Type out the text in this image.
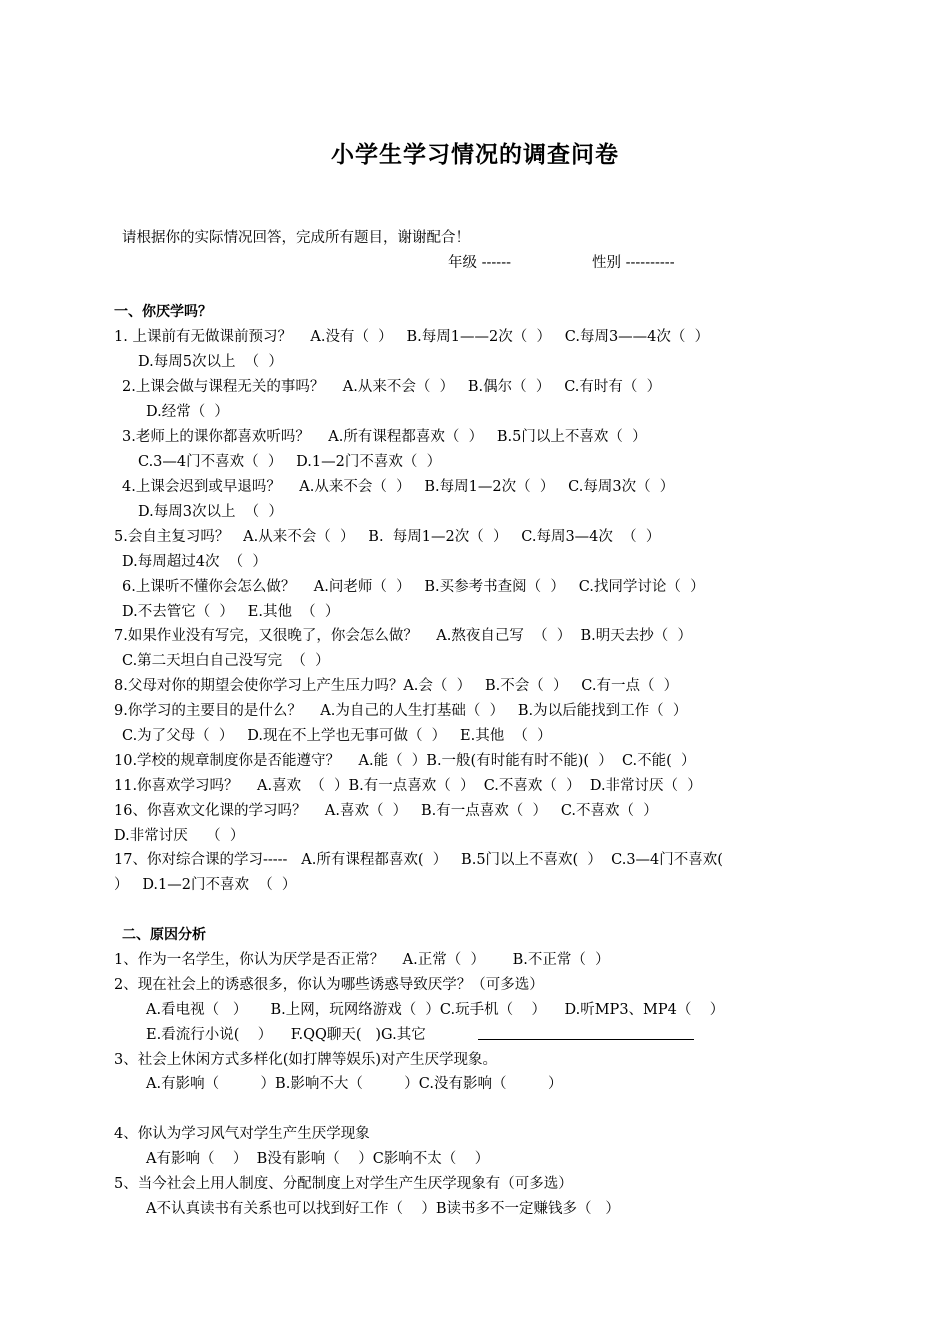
小学生学习情况的调查问卷
请根据你的实际情况回答，完成所有题目，谢谢配合！
年级 ------	性别 ----------
一、你厌学吗？
1. 上课前有无做课前预习？    A.没有（  ）   B.每周1——2次（  ）   C.每周3——4次（  ）
D.每周5次以上  （  ）
2.上课会做与课程无关的事吗？    A.从来不会（  ）   B.偶尔（  ）   C.有时有（  ）
D.经常（  ）
3.老师上的课你都喜欢听吗？    A.所有课程都喜欢（  ）   B.5门以上不喜欢（  ）
C.3—4门不喜欢（  ）   D.1—2门不喜欢（  ）
4.上课会迟到或早退吗？    A.从来不会（  ）   B.每周1—2次（  ）   C.每周3次（  ）
D.每周3次以上  （  ）
5.会自主复习吗？   A.从来不会（  ）   B.  每周1—2次（  ）   C.每周3—4次  （  ）
D.每周超过4次  （  ）
6.上课听不懂你会怎么做？    A.问老师（  ）   B.买参考书查阅（  ）   C.找同学讨论（  ）
D.不去管它（  ）   E.其他  （  ）
7.如果作业没有写完，又很晚了，你会怎么做？    A.熬夜自己写  （  ）  B.明天去抄（  ）
C.第二天坦白自己没写完  （  ）
8.父母对你的期望会使你学习上产生压力吗？A.会（  ）   B.不会（  ）   C.有一点（  ）
9.你学习的主要目的是什么？    A.为自己的人生打基础（  ）   B.为以后能找到工作（  ）
C.为了父母（  ）   D.现在不上学也无事可做（  ）   E.其他  （  ）
10.学校的规章制度你是否能遵守？    A.能（  ）B.一般(有时能有时不能)(  ）  C.不能(  ）
11.你喜欢学习吗？    A.喜欢  （  ）B.有一点喜欢（  ）  C.不喜欢（  ）  D.非常讨厌（  ）
16、你喜欢文化课的学习吗？    A.喜欢（  ）   B.有一点喜欢（  ）   C.不喜欢（  ）
D.非常讨厌    （  ）
17、你对综合课的学习-----   A.所有课程都喜欢(  ）   B.5门以上不喜欢(  ）  C.3—4门不喜欢(
）   D.1—2门不喜欢  （  ）
二、原因分析
1、作为一名学生，你认为厌学是否正常？    A.正常（  ）      B.不正常（  ）
2、现在社会上的诱惑很多，你认为哪些诱惑导致厌学？（可多选）
A.看电视（   ）     B.上网，玩网络游戏（  ）C.玩手机（    ）    D.听MP3、MP4（    ）
E.看流行小说(    ）    F.QQ聊天(   )G.其它
3、社会上休闲方式多样化(如打牌等娱乐)对产生厌学现象。
A.有影响（         ）B.影响不大（         ）C.没有影响（         ）
4、你认为学习风气对学生产生厌学现象
A有影响（    ）  B没有影响（    ）C影响不太（    ）
5、当今社会上用人制度、分配制度上对学生产生厌学现象有（可多选）
A不认真读书有关系也可以找到好工作（    ）B读书多不一定赚钱多（   ）
